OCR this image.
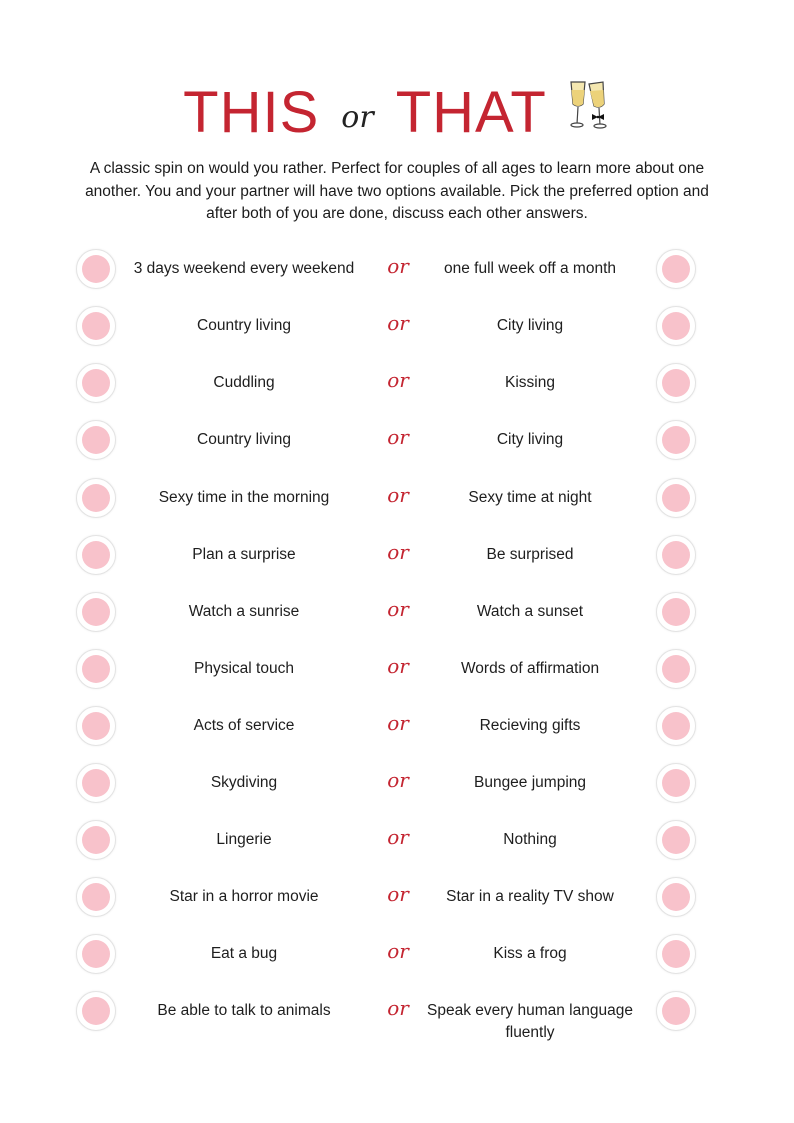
THIS or THAT
A classic spin on would you rather. Perfect for couples of all ages to learn more about one another. You and your partner will have two options available. Pick the preferred option and after both of you are done, discuss each other answers.
3 days weekend every weekend	or	one full week off a month
Country living	or	City living
Cuddling	or	Kissing
Country living	or	City living
Sexy time in the morning	or	Sexy time at night
Plan a surprise	or	Be surprised
Watch a sunrise	or	Watch a sunset
Physical touch	or	Words of affirmation
Acts of service	or	Recieving gifts
Skydiving	or	Bungee jumping
Lingerie	or	Nothing
Star in a horror movie	or	Star in a reality TV show
Eat a bug	or	Kiss a frog
Be able to talk to animals	or	Speak every human language fluently
